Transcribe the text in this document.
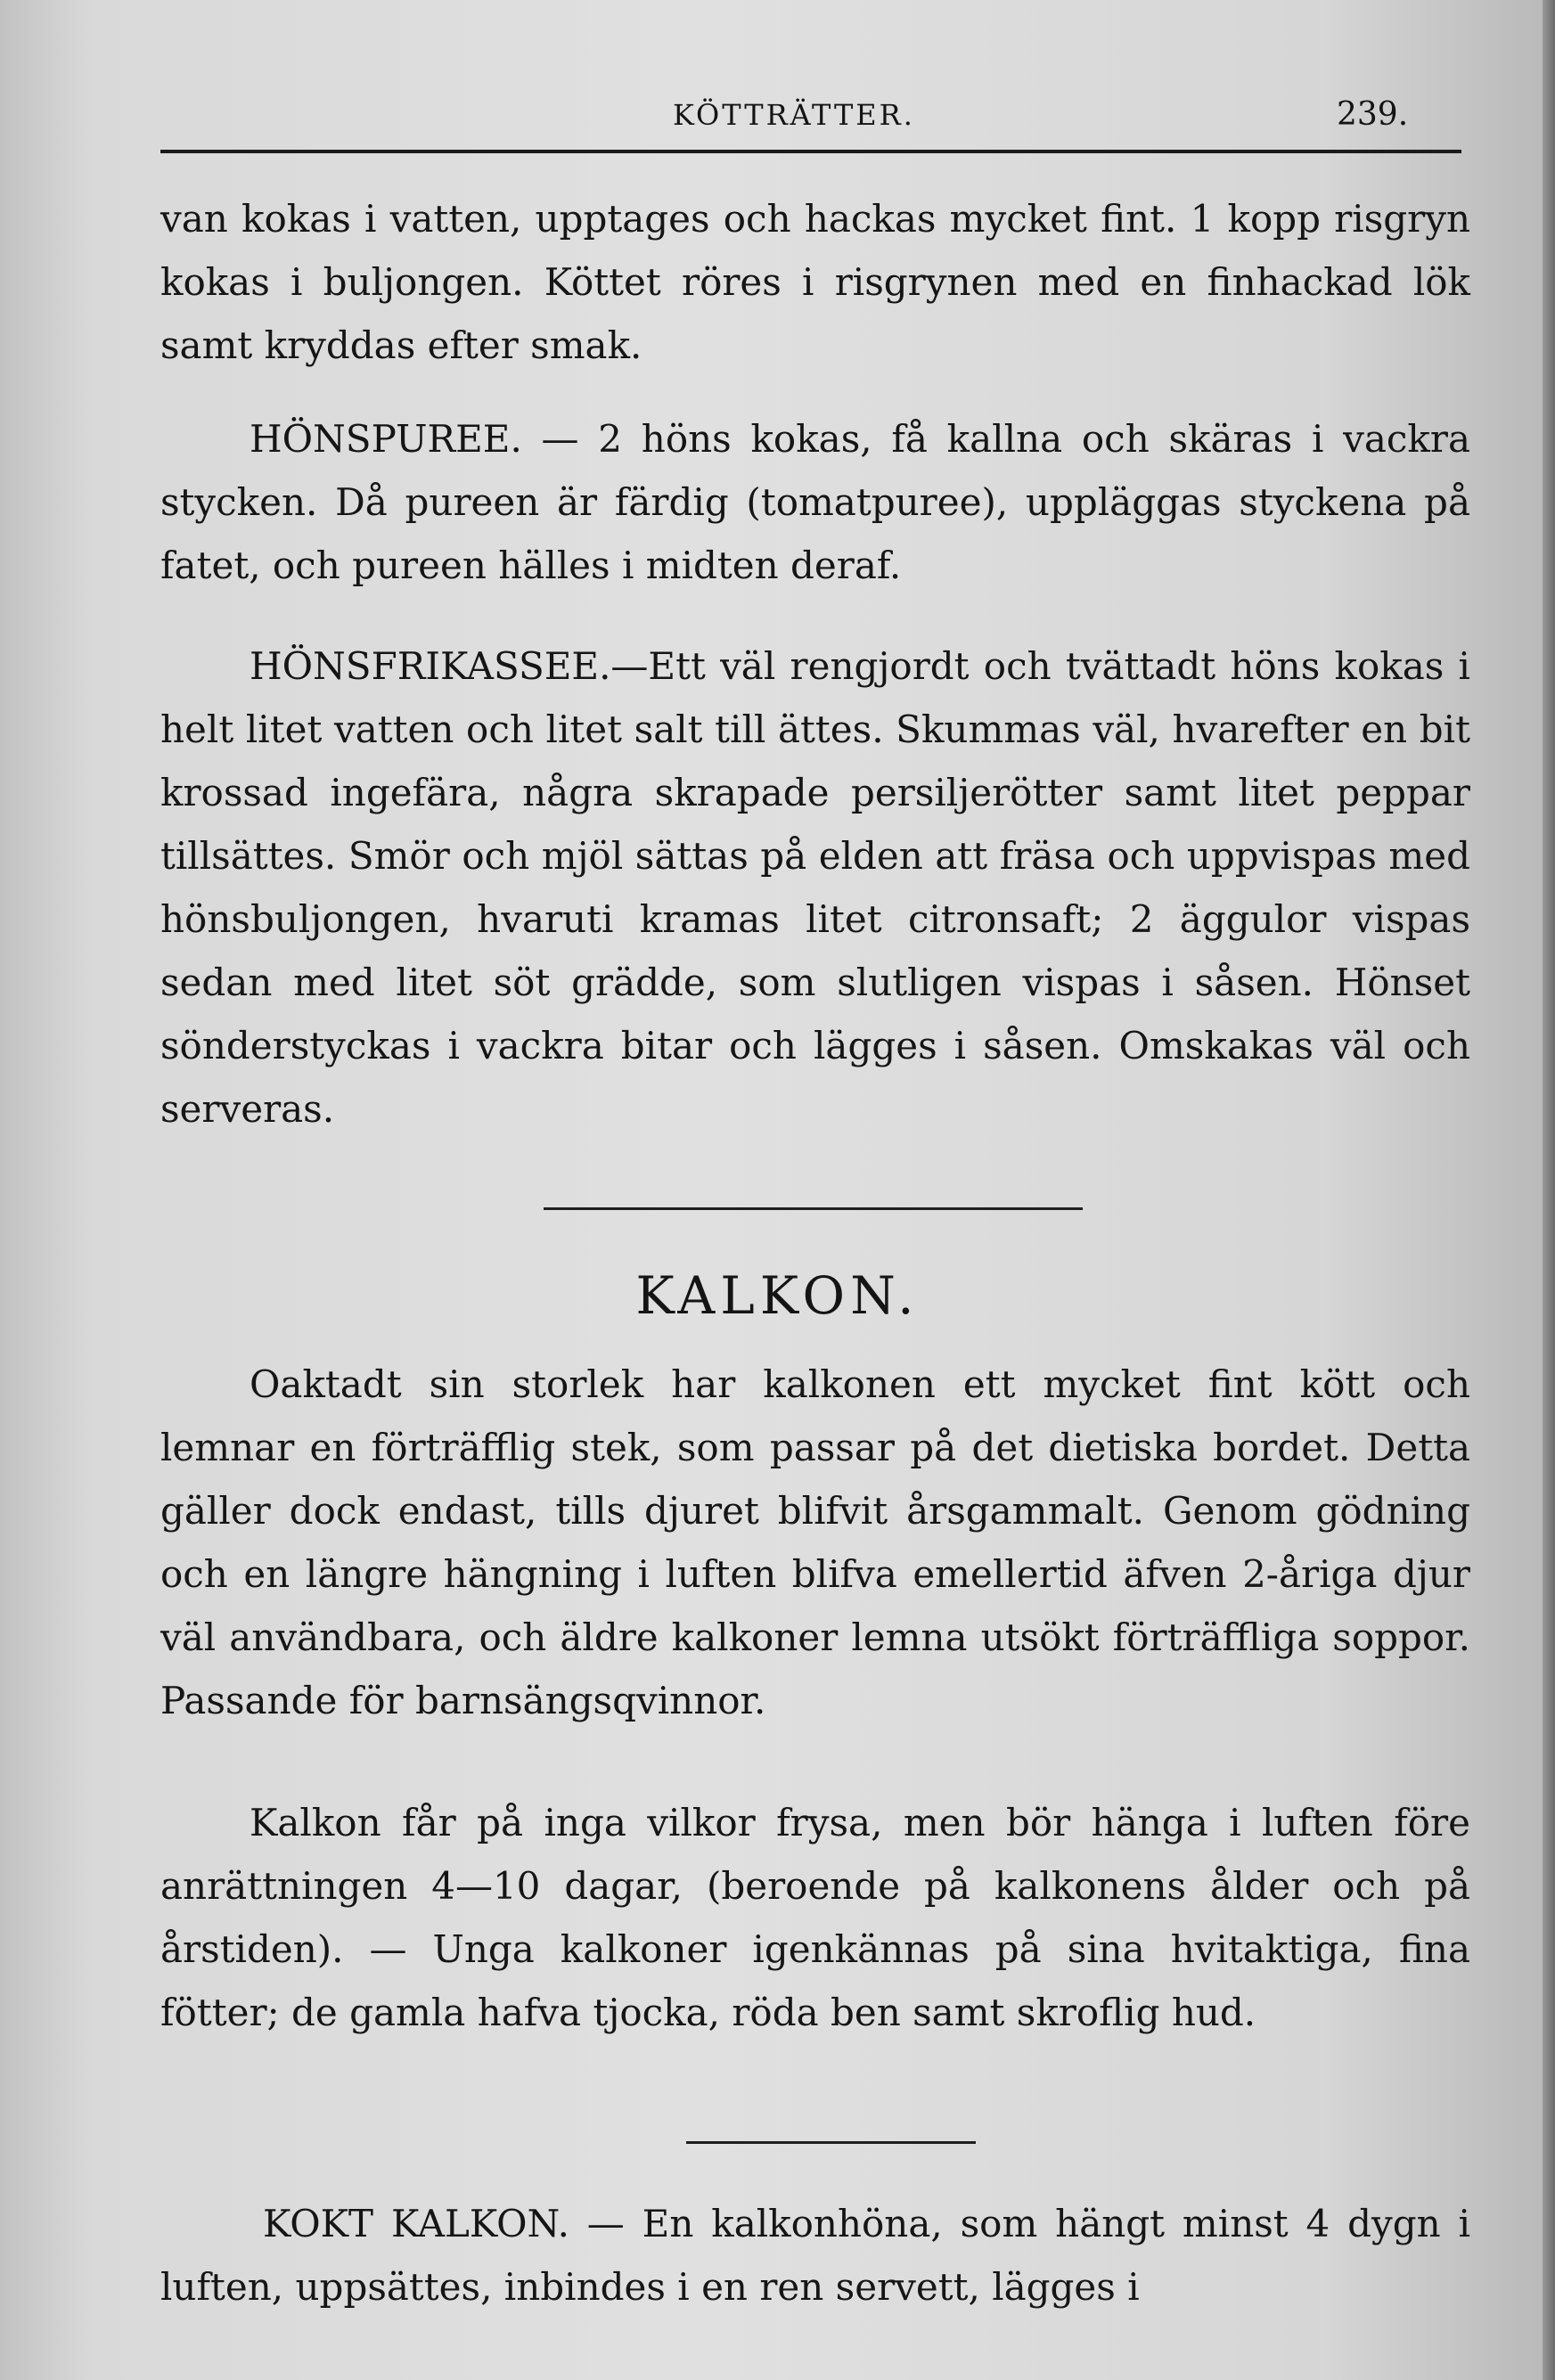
KÖTTRÄTTER.	239.
van kokas i vatten, upptages och hackas mycket fint. 1 kopp risgryn kokas i buljongen. Köttet röres i risgrynen med en finhackad lök samt kryddas efter smak.
HÖNSPUREE. — 2 höns kokas, få kallna och skäras i vackra stycken. Då pureen är färdig (tomatpuree), uppläggas styckena på fatet, och pureen hälles i midten deraf.
HÖNSFRIKASSEE.—Ett väl rengjordt och tvättadt höns kokas i helt litet vatten och litet salt till ättes. Skummas väl, hvarefter en bit krossad ingefära, några skrapade persiljerötter samt litet peppar tillsättes. Smör och mjöl sättas på elden att fräsa och uppvispas med hönsbuljongen, hvaruti kramas litet citronsaft; 2 äggulor vispas sedan med litet söt grädde, som slutligen vispas i såsen. Hönset sönderstyckas i vackra bitar och lägges i såsen. Omskakas väl och serveras.
KALKON.
Oaktadt sin storlek har kalkonen ett mycket fint kött och lemnar en förträfflig stek, som passar på det dietiska bordet. Detta gäller dock endast, tills djuret blifvit årsgammalt. Genom gödning och en längre hängning i luften blifva emellertid äfven 2-åriga djur väl användbara, och äldre kalkoner lemna utsökt förträffliga soppor. Passande för barnsängsqvinnor.
Kalkon får på inga vilkor frysa, men bör hänga i luften före anrättningen 4—10 dagar, (beroende på kalkonens ålder och på årstiden). — Unga kalkoner igenkännas på sina hvitaktiga, fina fötter; de gamla hafva tjocka, röda ben samt skroflig hud.
KOKT KALKON. — En kalkonhöna, som hängt minst 4 dygn i luften, uppsättes, inbindes i en ren servett, lägges i
